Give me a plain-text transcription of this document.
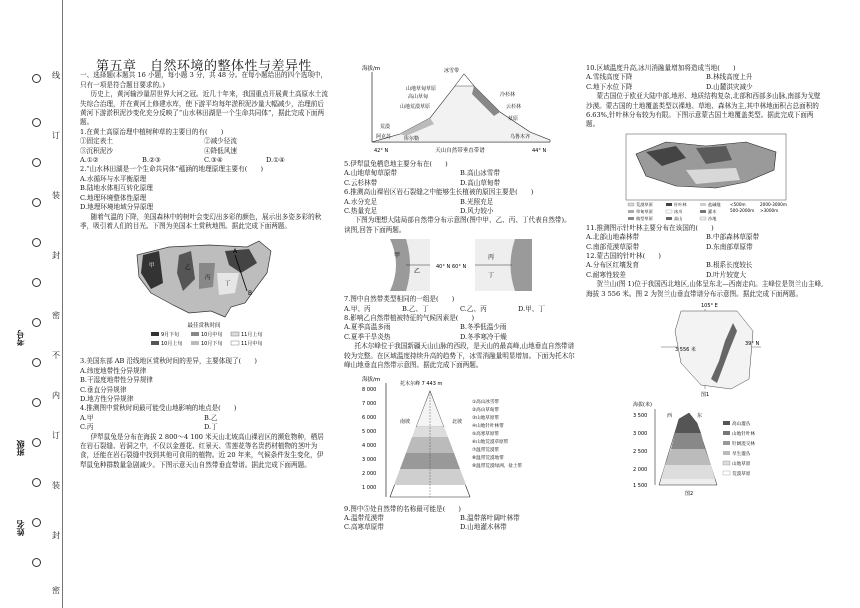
线
订
装
封
密
不
内
订
装
封
密
考号
班级
姓名

第五章　自然环境的整体性与差异性

一、选择题(本题共 16 小题，每小题 3 分，共 48 分。在每小题给出的四个选项中，只有一项是符合题目要求的。)

历史上，黄河输沙量居世界大河之冠。近几十年来，我国重点开展黄土高原水土流失综合治理，并在黄河上修建水库，使下游平均每年淤积泥沙量大幅减少，治理前后黄河下游淤积泥沙变化充分反映了“山水林田湖是一个生命共同体”，据此完成下面两题。

1.在黄土高原治理中植树种草的主要目的有(　　)

①固定表土	②减少径流
③沉积泥沙	④降低风速
A.①②	B.②③	C.③④	D.①④

2.“山水林田湖是一个生命共同体”蕴涵的地理原理主要有(　　)

A.水循环与水平衡原理

B.陆地水体相互转化原理

C.地理环境整体性原理

D.地理环境地域分异原理

随着气温的下降，美国森林中的树叶会变幻出多彩的颜色，展示出多姿多彩的秋季，吸引着人们的目光。下图为美国本土赏秋地图。据此完成下面两题。

A
B
甲	乙
丙
丁
最佳赏秋时间
9月下旬	10月中旬	11月上旬
10月上旬	10月下旬	11月中旬

3.美国东部 AB 沿线地区赏秋时间的差异，主要体现了(　　)

A.纬度地带性分异规律

B.干湿度地带性分异规律

C.垂直分异规律

D.地方性分异规律

4.推测图中赏秋时间最可能受山地影响的地点是(　　)

A.甲	B.乙
C.丙	D.丁

伊犁鼠兔是分布在海拔 2 800～4 100 米天山北坡高山裸岩区的濒危物种，栖居在岩石裂缝、岩洞之中，不仅以金莲花、红景天、雪莲花等名贵药材植物的茎叶为食，还能在岩石裂缝中找到其他可食用的植物。近 20 年来，气候条件发生变化，伊犁鼠兔种群数量急剧减少。下图示意天山自然带垂直带谱。据此完成下面两题。

海拔/m
山地草甸草原
冰雪带
高山草甸	冷杉林
云杉林
草原
荒漠
乌鲁木齐
阿克苏	库尔勒
山地荒漠草原
天山自然带垂直带谱
42° N	44° N

5.伊犁鼠兔栖息地主要分布在(　　)

A.山地草甸草原带	B.高山冰雪带
C.云杉林带	D.高山草甸带

6.推测高山裸岩区岩石裂缝之中能够生长植被的原因主要是(　　)

A.水分充足	B.光照充足
C.热量充足	D.风力较小

下图为理想大陆局部自然带分布示意图(图中甲、乙、丙、丁代表自然带)。读图,回答下面两题。

甲
乙
40° N
丙
丁
60° N

7.图中自然带类型相同的一组是(　　)

A.甲、丙	B.乙、丁	C.乙、丙	D.甲、丁

8.影响乙自然带植被特征的气候因素是(　　)

A.夏季高温多雨	B.冬季低温少雨
C.夏季干旱炎热	D.冬季寒冷干燥

托木尔峰位于我国新疆天山山脉的西段，是天山的最高峰,山地垂直自然带谱较为完整。在区域温度持续升高的趋势下，冰雪消融量明显增加。下面为托木尔峰山地垂直自然带示意图。据此完成下面两题。

海拔/m
8 000
7 000
6 000
5 000
4 000
3 000
2 000
1 000
托木尔峰 7 443 m
南坡	北坡
①高山冰雪带
②高山草甸带
③山地草原带
④山地针叶林带
⑤高寒草原带
⑥山地荒漠草原带
⑦温带荒漠带
⑧温带荒漠地带
⑨温带荒漠绿洲、盐土带

9.图中⑤处自然带的名称最可能是(　　)

A.温带荒漠带	B.温带落叶阔叶林带
C.高寒草原带	D.山地灌木林带

10.区域温度升高,冰川消融量增加将造成当地(　　)

A.雪线高度下降	B.林线高度上升
C.地下水位下降	D.山麓洪灾减少

蒙古国位于欧亚大陆中部,地形、地质结构复杂,北部和西部多山脉,南部为戈壁沙漠。蒙古国的土地覆盖类型以裸地、草地、森林为主,其中林地面积占总面积的 6.63%,针叶林分布较为有限。下图示意蒙古国土地覆盖类型。据此完成下面两题。

荒漠草原
草甸草原
典型草原
针叶林
冰川
高山
盐碱地
灌木
沙地
<500m
500-2000m
2000-3000m
>3000m

11.推测图示针叶林主要分布在该国的(　　)

A.北部山地森林带	B.中部森林草原带
C.南部荒漠草原带	D.东南部草原带

12.蒙古国的针叶林(　　)

A.分布区红壤发育	B.根系长度较长
C.耐寒性较差	D.叶片较宽大

贺兰山(图 1)位于我国西北地区,山体呈东北—西南走向。主峰位是贺兰山主峰,海拔 3 556 米。图 2 为贺兰山垂直带谱分布示意图。据此完成下面两题。

105° E
3 556 米
39° N
图1
海拔(米)
3 500
3 000
2 500
2 000
1 500
西	东
高山灌丛
山地针叶林
针阔混交林
旱生灌丛
山地草原
荒漠草原
图2
